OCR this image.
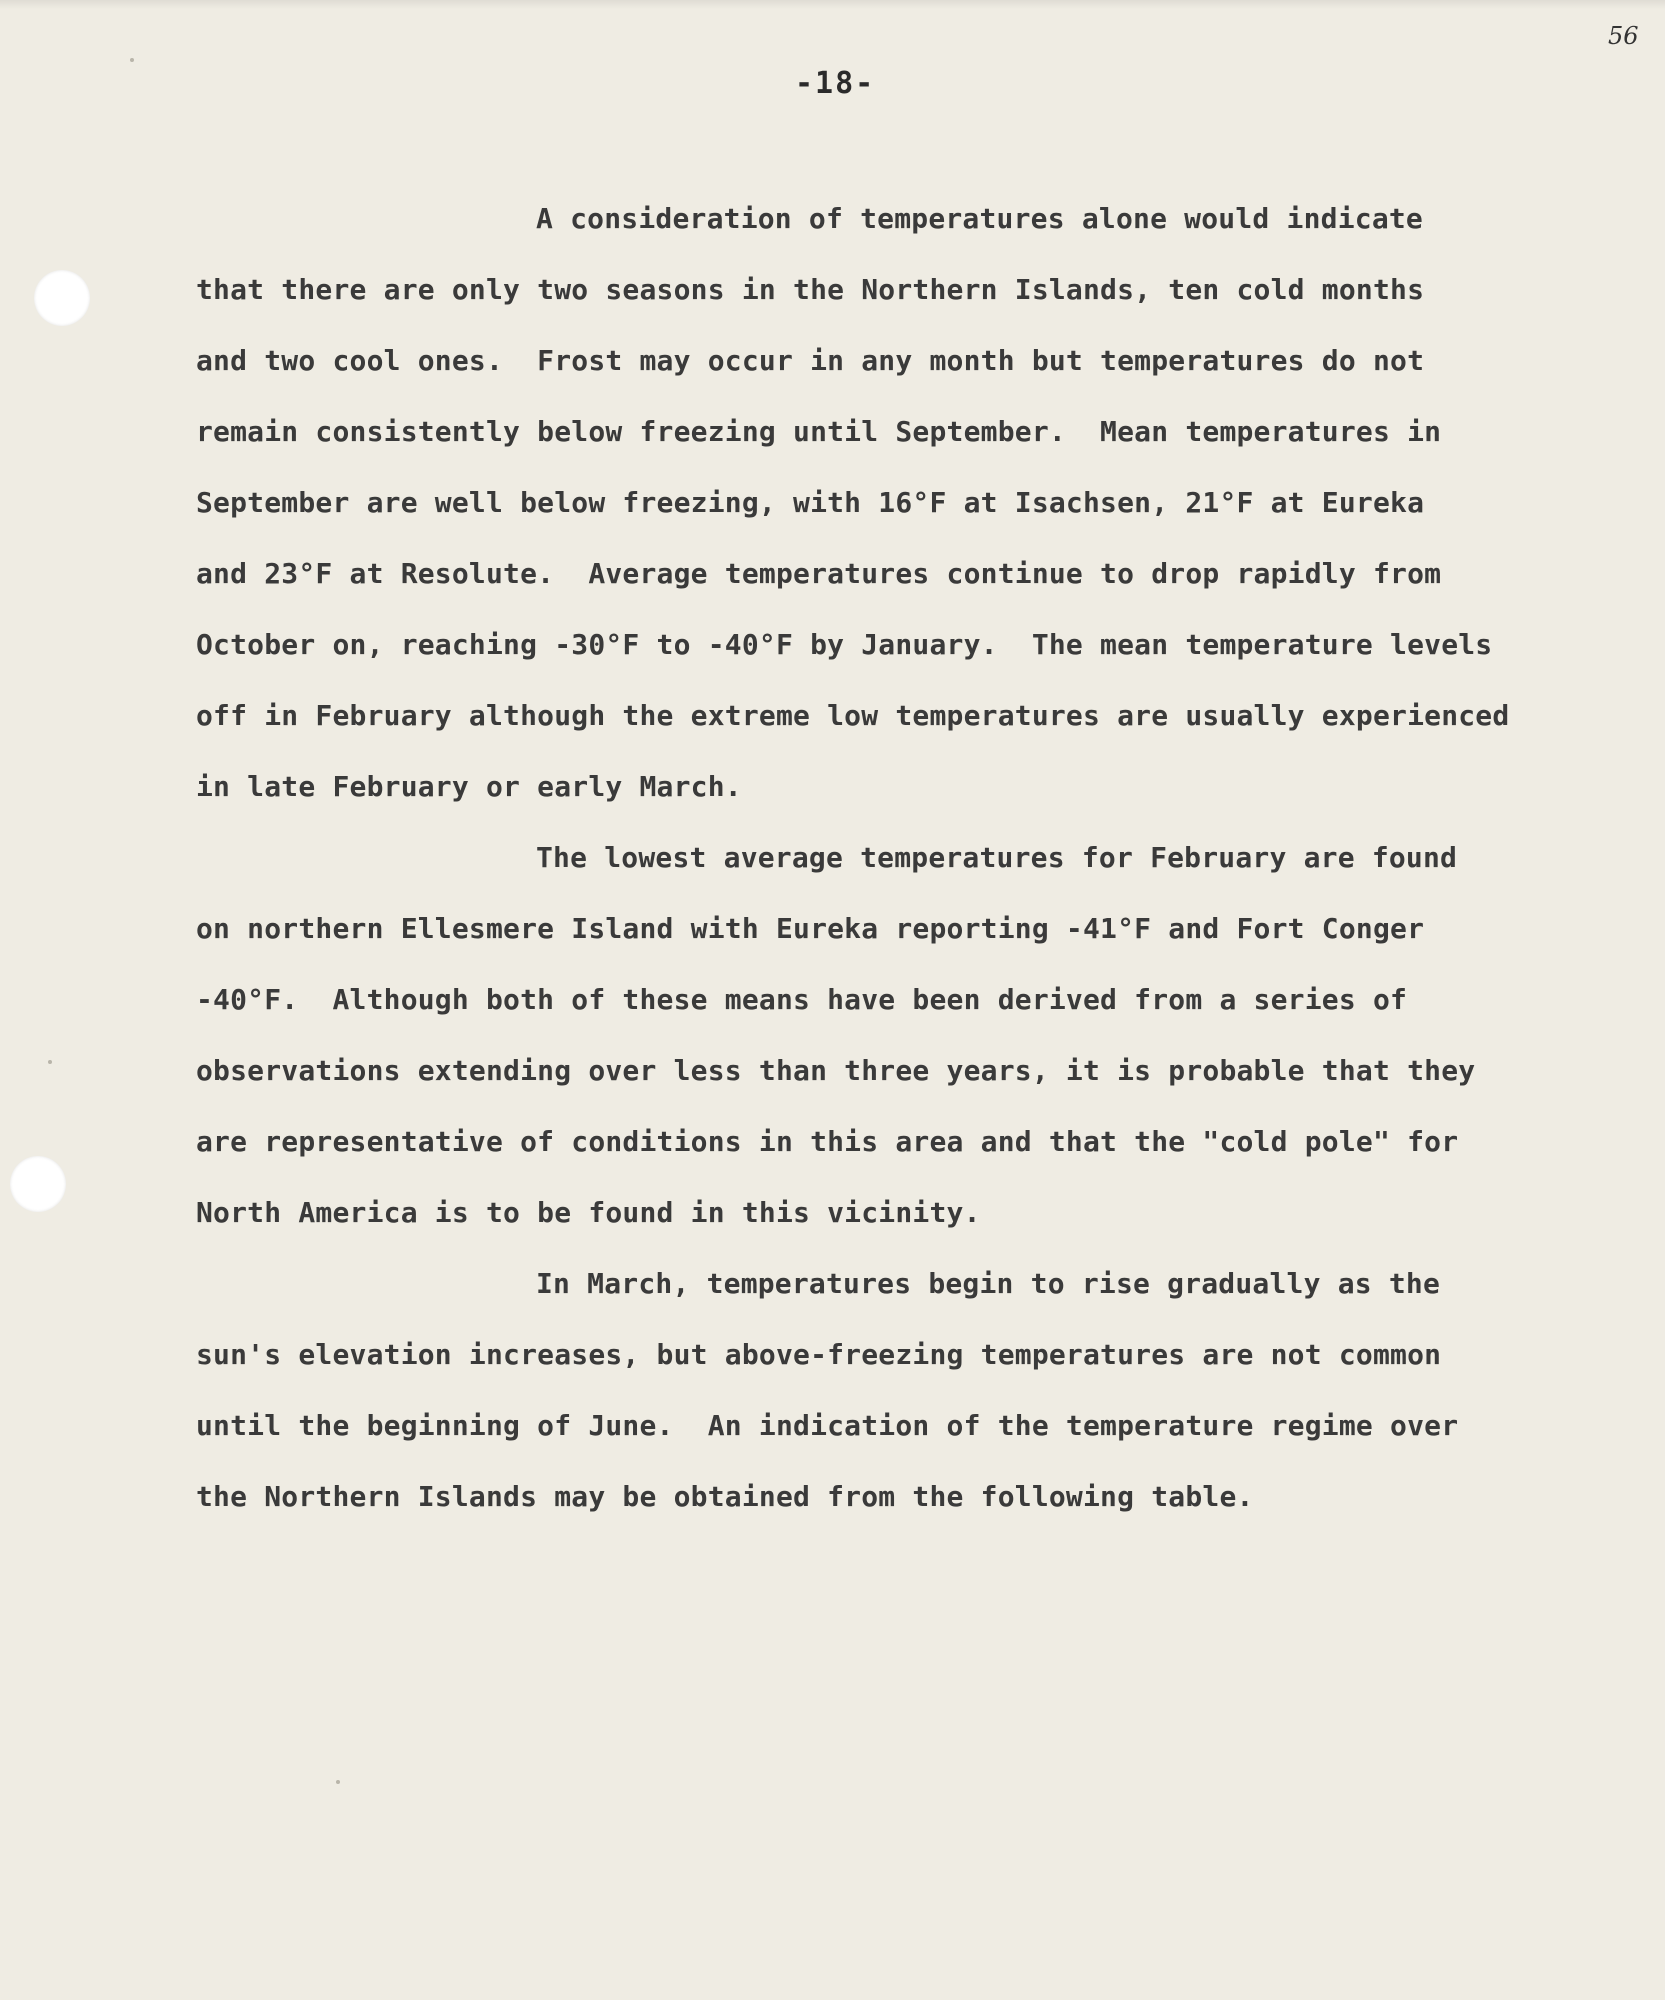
56
-18-
A consideration of temperatures alone would indicate
that there are only two seasons in the Northern Islands, ten cold months
and two cool ones.  Frost may occur in any month but temperatures do not
remain consistently below freezing until September.  Mean temperatures in
September are well below freezing, with 16°F at Isachsen, 21°F at Eureka
and 23°F at Resolute.  Average temperatures continue to drop rapidly from
October on, reaching -30°F to -40°F by January.  The mean temperature levels
off in February although the extreme low temperatures are usually experienced
in late February or early March.
The lowest average temperatures for February are found
on northern Ellesmere Island with Eureka reporting -41°F and Fort Conger
-40°F.  Although both of these means have been derived from a series of
observations extending over less than three years, it is probable that they
are representative of conditions in this area and that the "cold pole" for
North America is to be found in this vicinity.
In March, temperatures begin to rise gradually as the
sun's elevation increases, but above-freezing temperatures are not common
until the beginning of June.  An indication of the temperature regime over
the Northern Islands may be obtained from the following table.
